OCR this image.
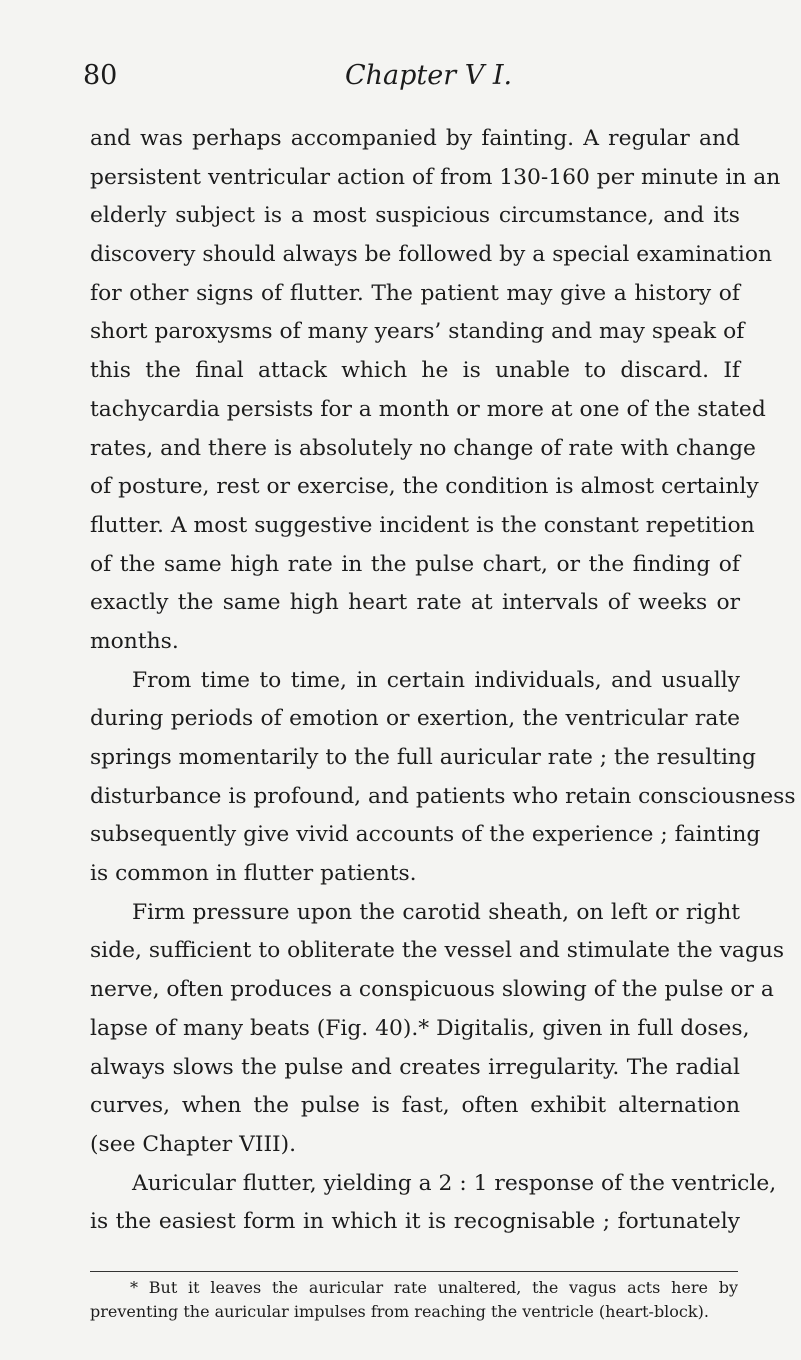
80	Chapter V I.
and was perhaps accompanied by fainting. A regular and
persistent ventricular action of from 130-160 per minute in an
elderly subject is a most suspicious circumstance, and its
discovery should always be followed by a special examination
for other signs of flutter. The patient may give a history of
short paroxysms of many years’ standing and may speak of
this the final attack which he is unable to discard. If
tachycardia persists for a month or more at one of the stated
rates, and there is absolutely no change of rate with change
of posture, rest or exercise, the condition is almost certainly
flutter. A most suggestive incident is the constant repetition
of the same high rate in the pulse chart, or the finding of
exactly the same high heart rate at intervals of weeks or
months.
From time to time, in certain individuals, and usually
during periods of emotion or exertion, the ventricular rate
springs momentarily to the full auricular rate ; the resulting
disturbance is profound, and patients who retain consciousness
subsequently give vivid accounts of the experience ; fainting
is common in flutter patients.
Firm pressure upon the carotid sheath, on left or right
side, sufficient to obliterate the vessel and stimulate the vagus
nerve, often produces a conspicuous slowing of the pulse or a
lapse of many beats (Fig. 40).* Digitalis, given in full doses,
always slows the pulse and creates irregularity. The radial
curves, when the pulse is fast, often exhibit alternation
(see Chapter VIII).
Auricular flutter, yielding a 2 : 1 response of the ventricle,
is the easiest form in which it is recognisable ; fortunately
* But it leaves the auricular rate unaltered, the vagus acts here by
preventing the auricular impulses from reaching the ventricle (heart-block).
